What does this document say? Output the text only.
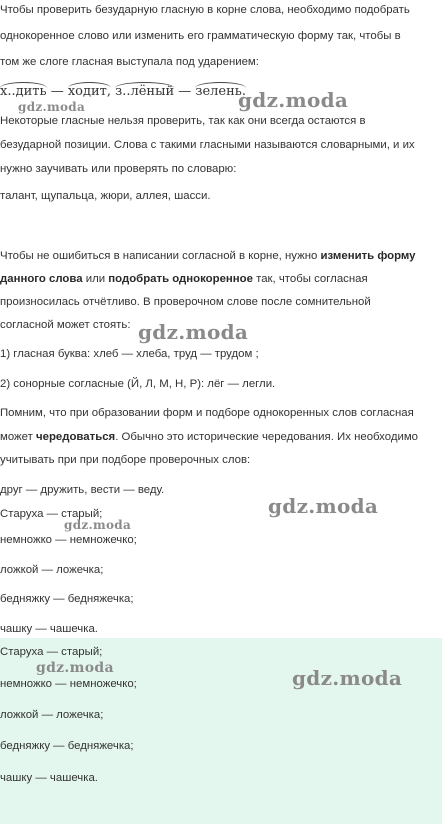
Чтобы проверить безударную гласную в корне слова, необходимо подобрать
однокоренное слово или изменить его грамматическую форму так, чтобы в
том же слоге гласная выступала под ударением:
х..дить — ходит, з..лёный — зелень.
Некоторые гласные нельзя проверить, так как они всегда остаются в
безударной позиции. Слова с такими гласными называются словарными, и их
нужно заучивать или проверять по словарю:
талант, щупальца, жюри, аллея, шасси.
Чтобы не ошибиться в написании согласной в корне, нужно изменить форму
данного слова или подобрать однокоренное так, чтобы согласная
произносилась отчётливо. В проверочном слове после сомнительной
согласной может стоять:
1) гласная буква: хлеб — хлеба, труд — трудом ;
2) сонорные согласные (Й, Л, М, Н, Р): лёг — легли.
Помним, что при образовании форм и подборе однокоренных слов согласная
может чередоваться. Обычно это исторические чередования. Их необходимо
учитывать при при подборе проверочных слов:
друг — дружить, вести — веду.
Старуха — старый;
немножко — немножечко;
ложкой — ложечка;
бедняжку — бедняжечка;
чашку — чашечка.
Старуха — старый;
немножко — немножечко;
ложкой — ложечка;
бедняжку — бедняжечка;
чашку — чашечка.
gdz.moda	gdz.moda
gdz.moda
gdz.moda
gdz.moda
gdz.moda	gdz.moda
